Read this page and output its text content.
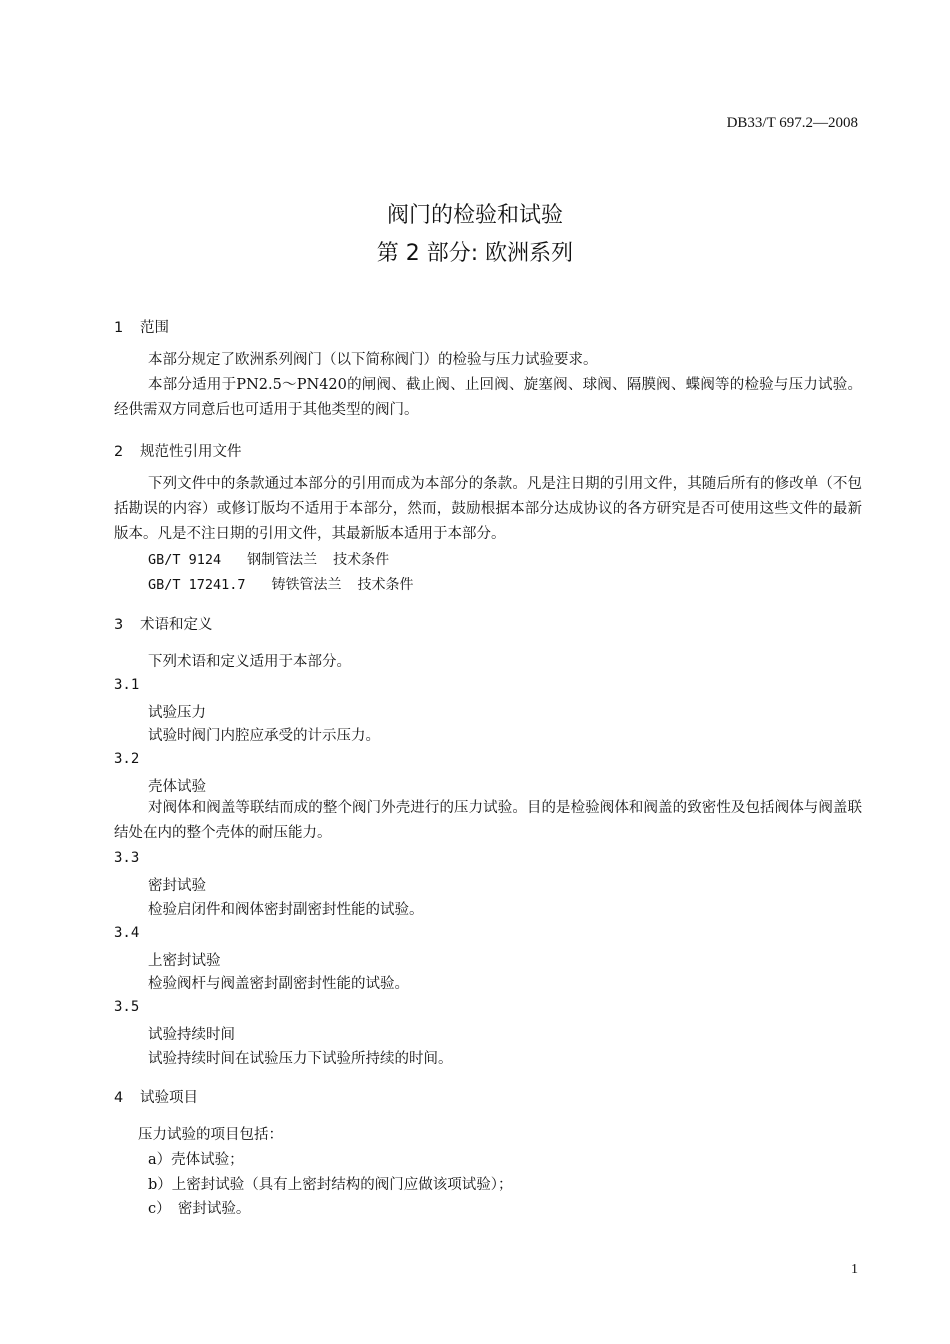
DB33/T 697.2—2008
阀门的检验和试验
第 2 部分: 欧洲系列
1 范围
本部分规定了欧洲系列阀门（以下简称阀门）的检验与压力试验要求。
本部分适用于PN2.5～PN420的闸阀、截止阀、止回阀、旋塞阀、球阀、隔膜阀、蝶阀等的检验与压力试验。经供需双方同意后也可适用于其他类型的阀门。
2 规范性引用文件
下列文件中的条款通过本部分的引用而成为本部分的条款。凡是注日期的引用文件，其随后所有的修改单（不包括勘误的内容）或修订版均不适用于本部分，然而，鼓励根据本部分达成协议的各方研究是否可使用这些文件的最新版本。凡是不注日期的引用文件，其最新版本适用于本部分。
GB/T 9124 钢制管法兰 技术条件
GB/T 17241.7 铸铁管法兰 技术条件
3 术语和定义
下列术语和定义适用于本部分。
3.1
试验压力
试验时阀门内腔应承受的计示压力。
3.2
壳体试验
对阀体和阀盖等联结而成的整个阀门外壳进行的压力试验。目的是检验阀体和阀盖的致密性及包括阀体与阀盖联结处在内的整个壳体的耐压能力。
3.3
密封试验
检验启闭件和阀体密封副密封性能的试验。
3.4
上密封试验
检验阀杆与阀盖密封副密封性能的试验。
3.5
试验持续时间
试验持续时间在试验压力下试验所持续的时间。
4 试验项目
压力试验的项目包括：
a）壳体试验；
b）上密封试验（具有上密封结构的阀门应做该项试验）；
c）　密封试验。
1
